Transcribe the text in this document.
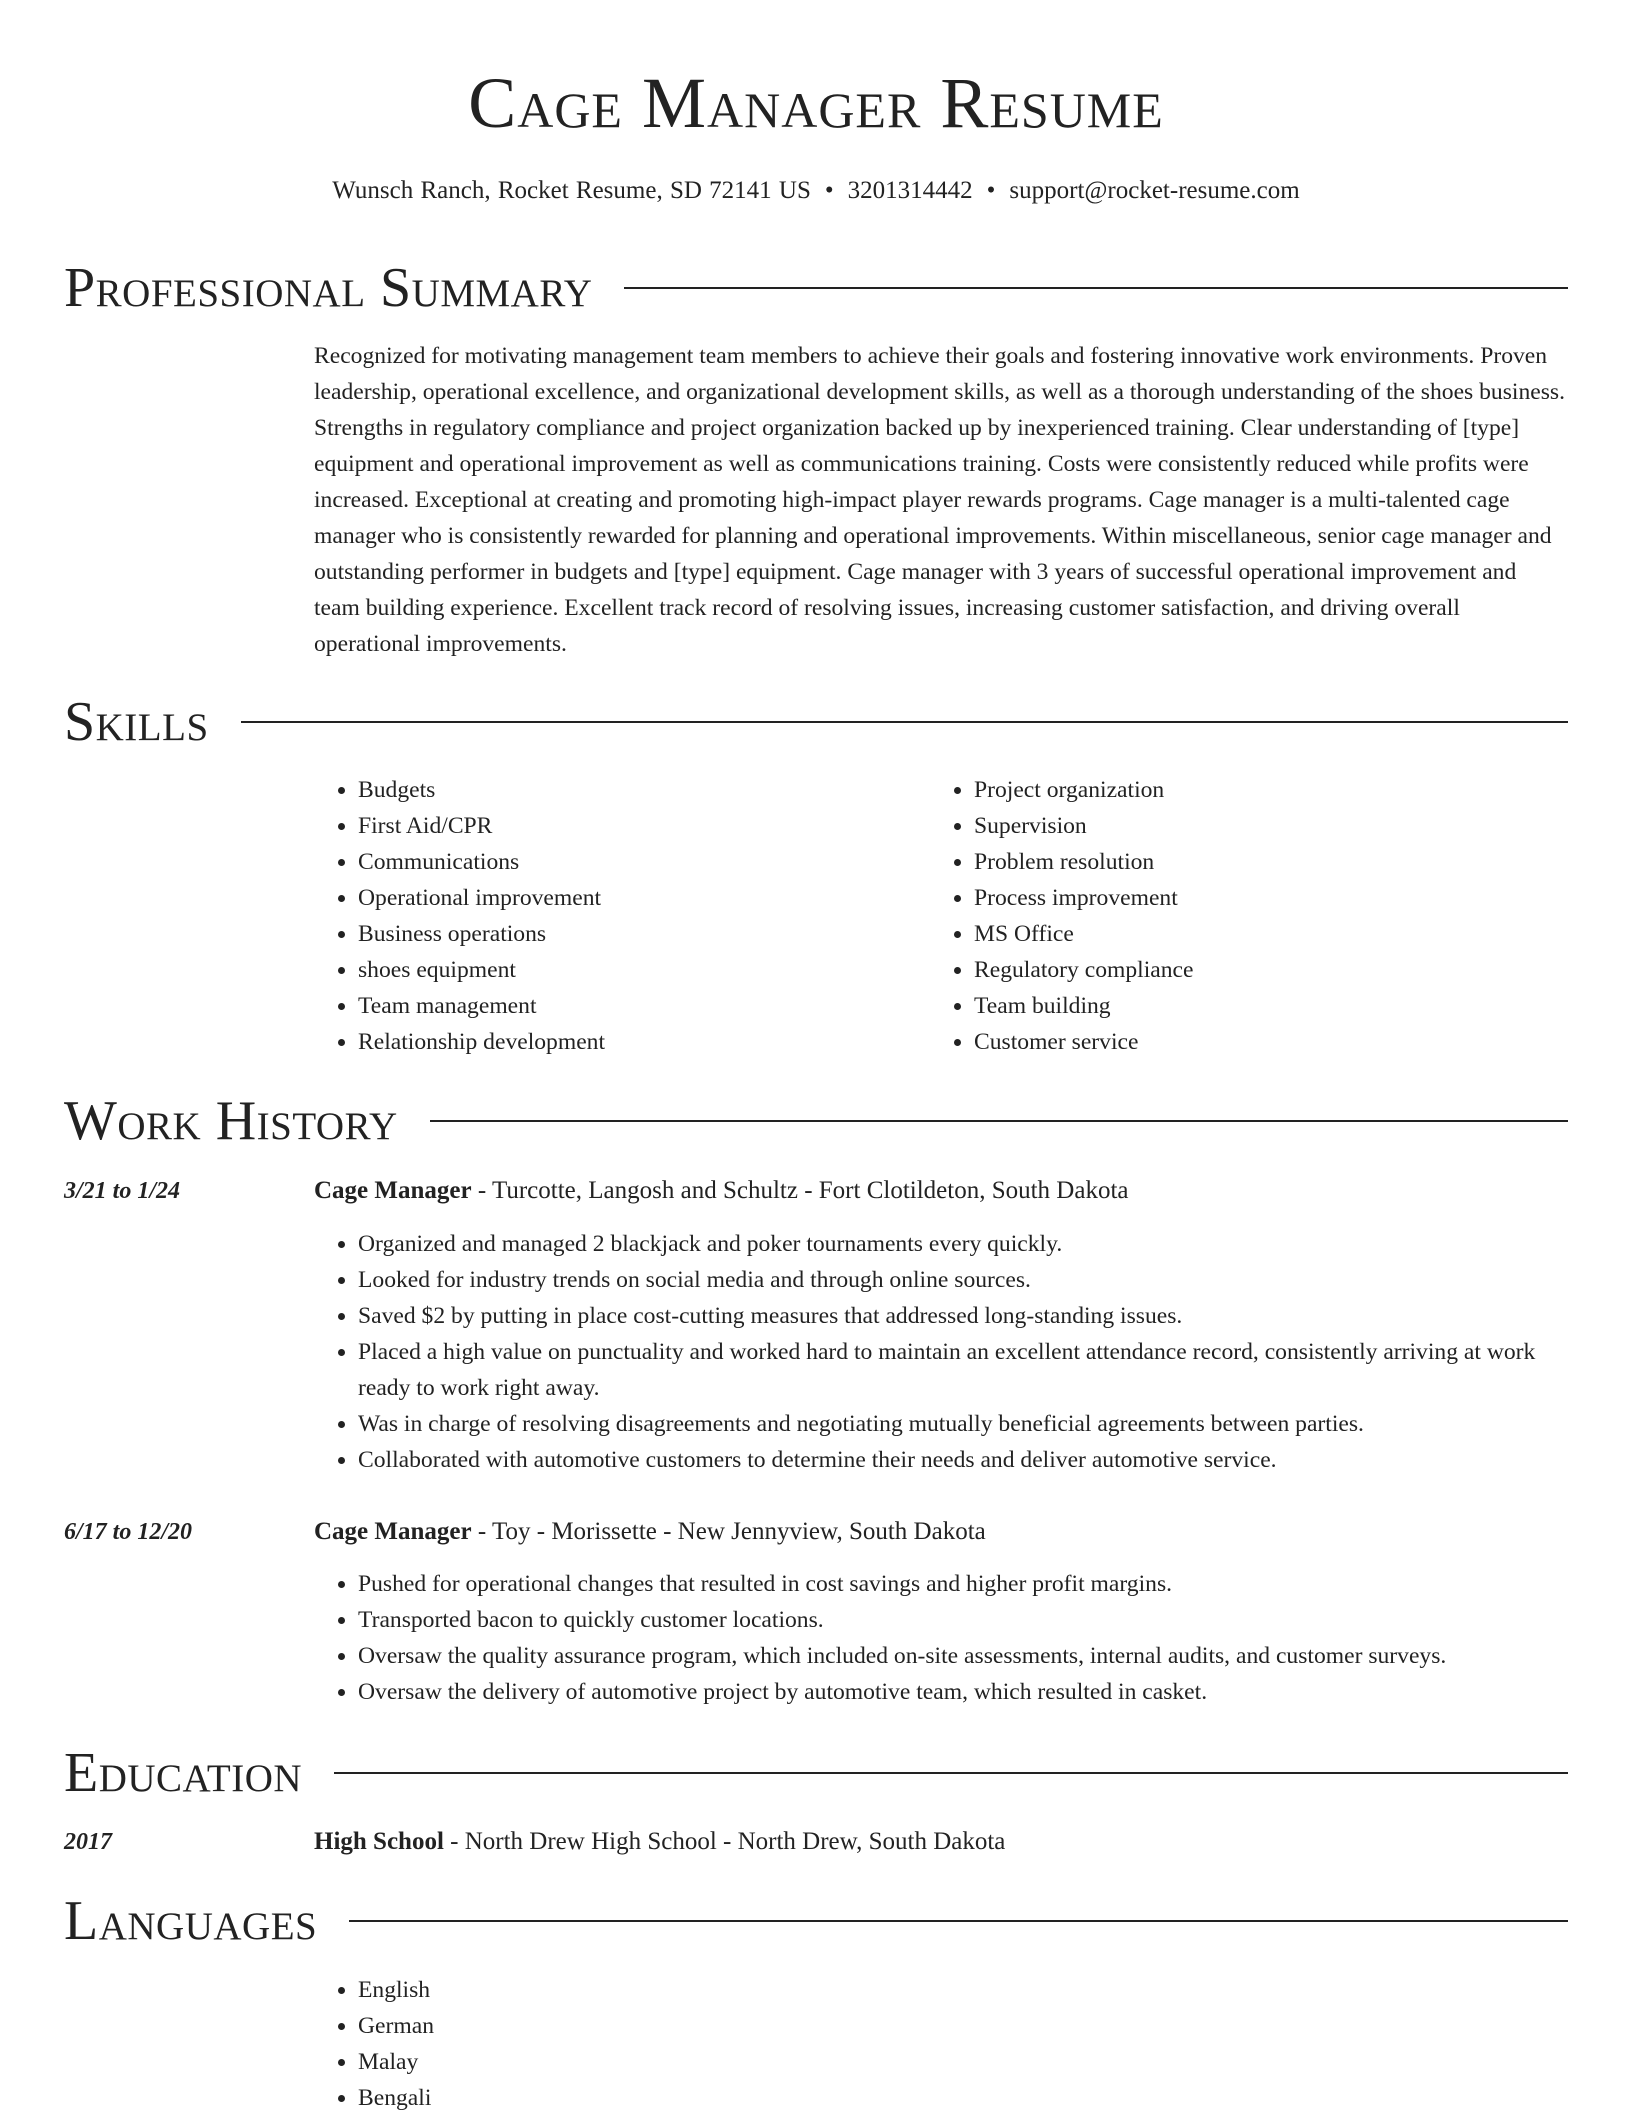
Cage Manager Resume
Wunsch Ranch, Rocket Resume, SD 72141 US • 3201314442 • support@rocket-resume.com
Professional Summary

Recognized for motivating management team members to achieve their goals and fostering innovative work environments. Proven leadership, operational excellence, and organizational development skills, as well as a thorough understanding of the shoes business. Strengths in regulatory compliance and project organization backed up by inexperienced training. Clear understanding of [type] equipment and operational improvement as well as communications training. Costs were consistently reduced while profits were increased. Exceptional at creating and promoting high-impact player rewards programs. Cage manager is a multi-talented cage manager who is consistently rewarded for planning and operational improvements. Within miscellaneous, senior cage manager and outstanding performer in budgets and [type] equipment. Cage manager with 3 years of successful operational improvement and team building experience. Excellent track record of resolving issues, increasing customer satisfaction, and driving overall operational improvements.

Skills
• Budgets
• First Aid/CPR
• Communications
• Operational improvement
• Business operations
• shoes equipment
• Team management
• Relationship development
• Project organization
• Supervision
• Problem resolution
• Process improvement
• MS Office
• Regulatory compliance
• Team building
• Customer service
Work History
3/21 to 1/24	Cage Manager - Turcotte, Langosh and Schultz - Fort Clotildeton, South Dakota
• Organized and managed 2 blackjack and poker tournaments every quickly.
• Looked for industry trends on social media and through online sources.
• Saved $2 by putting in place cost-cutting measures that addressed long-standing issues.
• Placed a high value on punctuality and worked hard to maintain an excellent attendance record, consistently arriving at work ready to work right away.
• Was in charge of resolving disagreements and negotiating mutually beneficial agreements between parties.
• Collaborated with automotive customers to determine their needs and deliver automotive service.
6/17 to 12/20	Cage Manager - Toy - Morissette - New Jennyview, South Dakota
• Pushed for operational changes that resulted in cost savings and higher profit margins.
• Transported bacon to quickly customer locations.
• Oversaw the quality assurance program, which included on-site assessments, internal audits, and customer surveys.
• Oversaw the delivery of automotive project by automotive team, which resulted in casket.
Education
2017	High School - North Drew High School - North Drew, South Dakota
Languages
• English
• German
• Malay
• Bengali
